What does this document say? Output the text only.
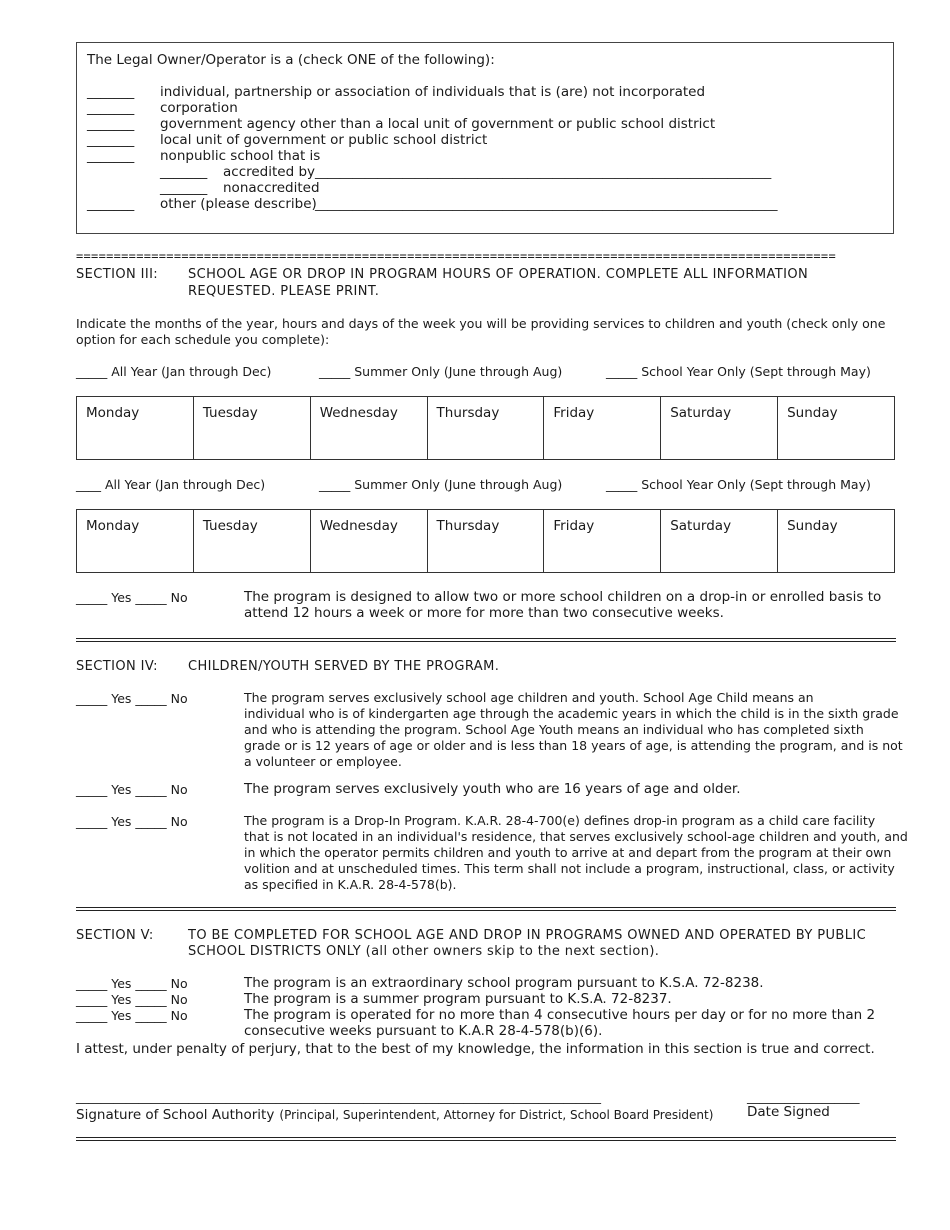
The Legal Owner/Operator is a (check ONE of the following):
_______ individual, partnership or association of individuals that is (are) not incorporated
_______ corporation
_______ government agency other than a local unit of government or public school district
_______ local unit of government or public school district
_______ nonpublic school that is
_______ accredited by _________________________________________________________________________
_______ nonaccredited
_______ other (please describe)
__________________________________________________________________________
=====================================================================================================
SECTION III: SCHOOL AGE OR DROP IN PROGRAM HOURS OF OPERATION. COMPLETE ALL INFORMATION
REQUESTED. PLEASE PRINT.
Indicate the months of the year, hours and days of the week you will be providing services to children and youth (check only one
option for each schedule you complete):
_____ All Year (Jan through Dec)	_____ Summer Only (June through Aug)	_____ School Year Only (Sept through May)
Monday	Tuesday	Wednesday	Thursday	Friday	Saturday	Sunday
____ All Year (Jan through Dec)	_____ Summer Only (June through Aug)	_____ School Year Only (Sept through May)
Monday	Tuesday	Wednesday	Thursday	Friday	Saturday	Sunday
_____ Yes _____ No	The program is designed to allow two or more school children on a drop-in or enrolled basis to
attend 12 hours a week or more for more than two consecutive weeks.
SECTION IV: CHILDREN/YOUTH SERVED BY THE PROGRAM.
_____ Yes _____ No	The program serves exclusively school age children and youth. School Age Child means an
individual who is of kindergarten age through the academic years in which the child is in the sixth grade
and who is attending the program. School Age Youth means an individual who has completed sixth
grade or is 12 years of age or older and is less than 18 years of age, is attending the program, and is not
a volunteer or employee.
_____ Yes _____ No	The program serves exclusively youth who are 16 years of age and older.
_____ Yes _____ No	The program is a Drop-In Program. K.A.R. 28-4-700(e) defines drop-in program as a child care facility
that is not located in an individual's residence, that serves exclusively school-age children and youth, and
in which the operator permits children and youth to arrive at and depart from the program at their own
volition and at unscheduled times. This term shall not include a program, instructional, class, or activity
as specified in K.A.R. 28-4-578(b).
SECTION V:	TO BE COMPLETED FOR SCHOOL AGE AND DROP IN PROGRAMS OWNED AND OPERATED BY PUBLIC
SCHOOL DISTRICTS ONLY (all other owners skip to the next section).
_____ Yes _____ No	The program is an extraordinary school program pursuant to K.S.A. 72-8238.
_____ Yes _____ No	The program is a summer program pursuant to K.S.A. 72-8237.
_____ Yes _____ No	The program is operated for no more than 4 consecutive hours per day or for no more than 2
consecutive weeks pursuant to K.A.R 28-4-578(b)(6).
I attest, under penalty of perjury, that to the best of my knowledge, the information in this section is true and correct.
____________________________________________________________________________________	__________________
Signature of School Authority (Principal, Superintendent, Attorney for District, School Board President) Date Signed
